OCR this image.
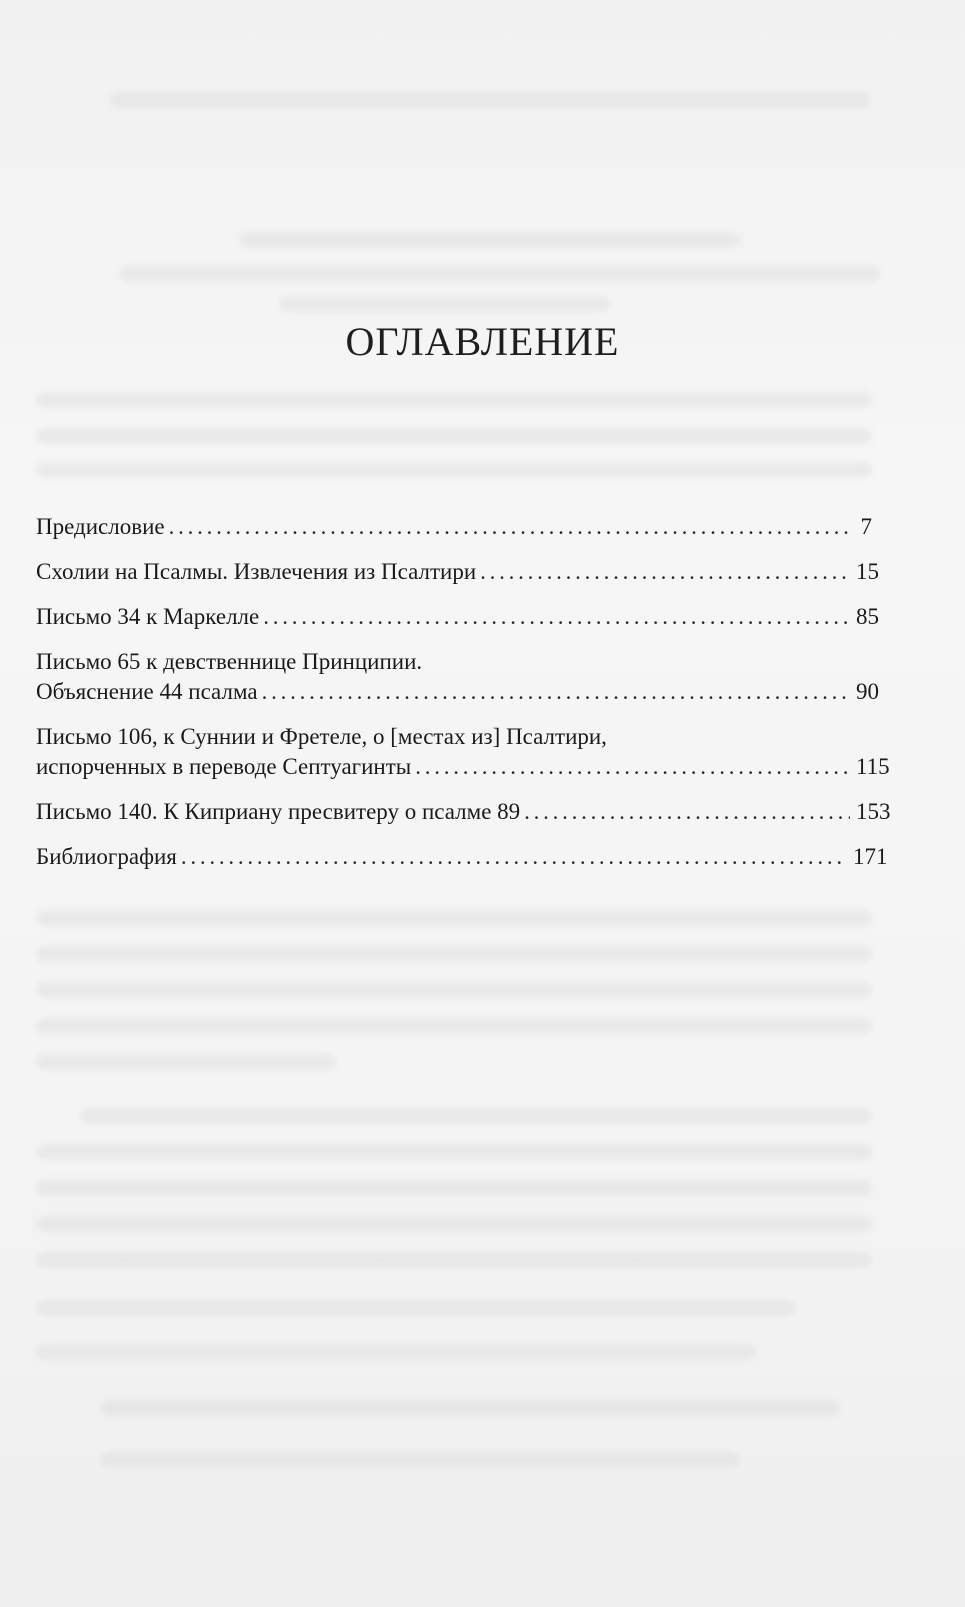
ОГЛАВЛЕНИЕ
Предисловие . . .	7
Схолии на Псалмы. Извлечения из Псалтири . . .	15
Письмо 34 к Маркелле . . .	85
Письмо 65 к девственнице Принципии.
Объяснение 44 псалма . . .	90
Письмо 106, к Суннии и Фретеле, о [местах из] Псалтири,
испорченных в переводе Септуагинты . . .	115
Письмо 140. К Киприану пресвитеру о псалме 89 . . .	153
Библиография . . .	171
